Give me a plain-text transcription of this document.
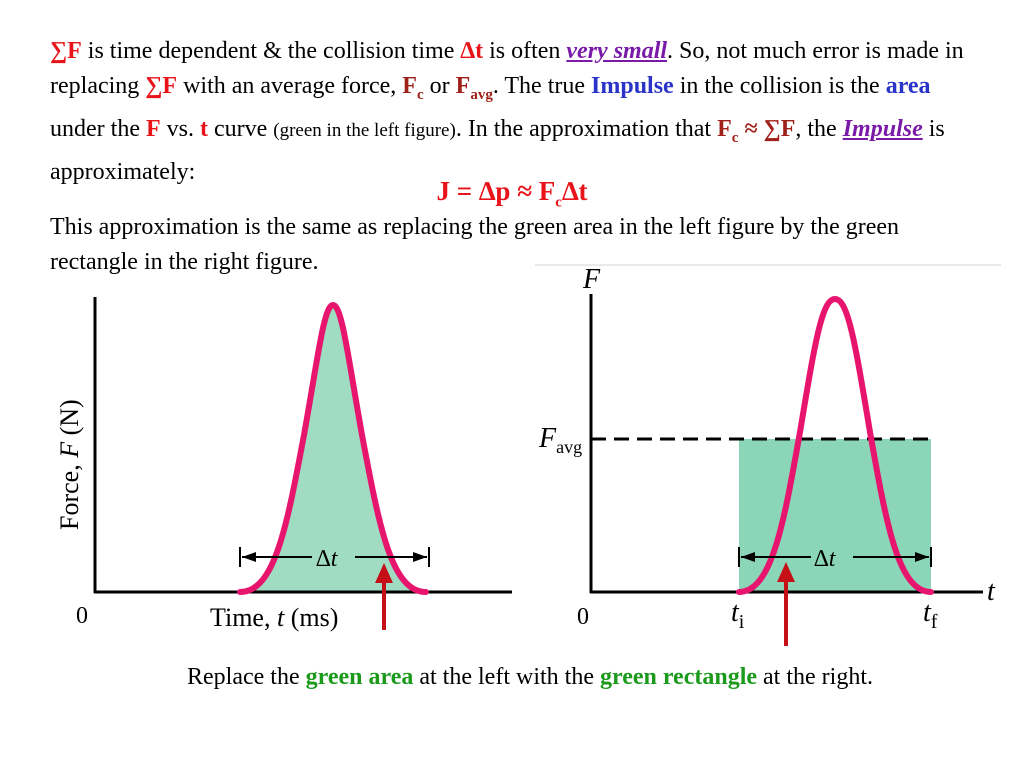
∑F is time dependent & the collision time ∆t is often very small. So, not much error is made in replacing ∑F with an average force, $F_c$ or $F_{avg}$. The true Impulse in the collision is the area under the F vs. t curve (green in the left figure). In the approximation that $F_c \approx \sum F$, the Impulse is approximately:
$J = \Delta p \approx F_c\Delta t$
This approximation is the same as replacing the green area in the left figure by the green rectangle in the right figure.
∆t
Force, F (N)
0	Time, t (ms)
∆t
F
$F_{avg}$
0
t
$t_i$	$t_f$
Replace the green area at the left with the green rectangle at the right.
